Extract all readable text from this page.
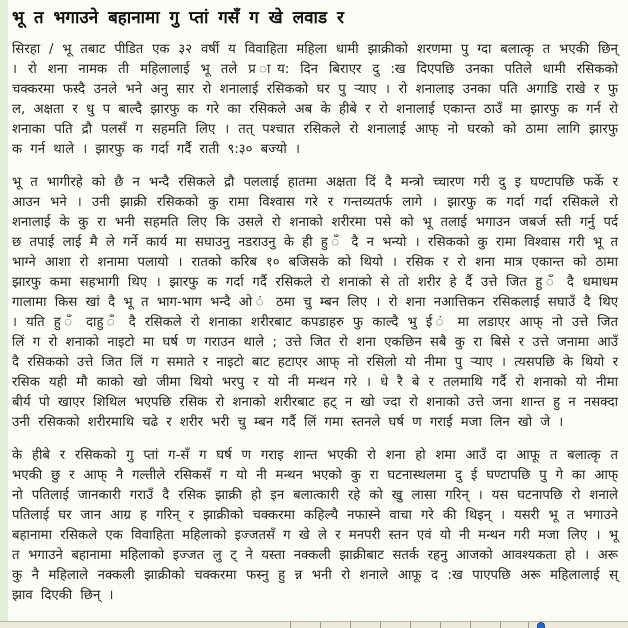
भू त भगाउने बहानामा गु प्तां गसँ ग खे लवाड र

सिरहा / भू तबाट पीडित एक ३२ वर्षी य विवाहिता महिला धामी झाक्रीको शरणमा पु ग्दा बलात्कृ त भएकी छिन् । रो शना नामक ती महिलालाई भू तले प्र ाय: दिन बिराएर दु :ख दिएपछि उनका पतिले धामी रसिकको चक्करमा फस्दै उनले भने अनु सार रो शनालाई रसिकको घर पु ऱ्याए । रो शनालाइ उनका पति अगाडि राखे र फु ल, अक्षता र धु प बाल्दै झारफु क गरे का रसिकले अब के हीबे र रो शनालाई एकान्त ठाउँ मा झारफु क गर्न रो शनाका पति द्रौ पलसँ ग सहमति लिए । तत् पश्चात रसिकले रो शनालाई आफ् नो घरको को ठामा लागि झारफु क गर्न थाले । झारफु क गर्दा गर्दै राती ९:३० बज्यो ।

भू त भागीरहे को छै न भन्दै रसिकले द्रौ पललाई हातमा अक्षता दिं दै मन्त्रो च्चारण गरी दु इ घण्टापछि फर्के र आउन भने । उनी झाक्री रसिकको कु रामा विश्वास गरे र गन्तव्यतर्फ लागे । झारफु क गर्दा गर्दा रसिकले रो शनालाई के कु रा भनी सहमति लिए कि उसले रो शनाको शरीरमा पसे को भू तलाई भगाउन जबर्ज स्ती गर्नु पर्द छ तपाई लाई मै ले गर्ने कार्य मा सघाउनु नडराउनु के ही हु ँ दै न भन्यो । रसिकको कु रामा विश्वास गरी भू त भाग्ने आशा रो शनामा पलायो । रातको करिब १० बजिसके को थियो । रसिक र रो शना मात्र एकान्त को ठामा झारफु कमा सहभागी थिए । झारफु क गर्दा गर्दै रसिकले रो शनाको से तो शरीर हे र्दै उत्ते जित हु ँ दै धमाधम गालामा किस खां दै भू त भाग-भाग भन्दै ओ ं ठमा चु म्बन लिए । रो शना नआत्तिकन रसिकलाई सघाउँ दै थिए । यति हु ँ दाहु ँ दै रसिकले रो शनाका शरीरबाट कपडाहरु फु काल्दै भु ई ं मा लडाएर आफ् नो उत्ते जित लिं ग रो शनाको नाइटो मा घर्ष ण गराउन थाले ; उत्ते जित रो शना एकछिन सबै कु रा बिसे र उत्ते जनामा आउँ दै रसिकको उत्ते जित लिं ग समाते र नाइटो बाट हटाएर आफ् नो रसिलो यो नीमा पु ऱ्याए । त्यसपछि के थियो र रसिक यही मौ काको खो जीमा थियो भरपु र यो नी मन्थन गरे । धे रै बे र तलमाथि गर्दै रो शनाको यो नीमा बीर्य पो खाएर शिथिल भएपछि रसिक रो शनाको शरीरबाट हट् न खो ज्दा रो शनाको उत्ते जना शान्त हु न नसक्दा उनी रसिकको शरीरमाथि चढे र शरीर भरी चु म्बन गर्दै लिं गमा स्तनले घर्ष ण गराई मजा लिन खो जे ।

के हीबे र रसिकको गु प्तां ग-सँ ग घर्ष ण गराइ शान्त भएकी रो शना हो शमा आउँ दा आफू त बलात्कृ त भएकी छु र आफ् नै गल्तीले रसिकसँ ग यो नी मन्थन भएको कु रा घटनास्थलमा दु ई घण्टापछि पु गे का आफ् नो पतिलाई जानकारी गराउँ दै रसिक झाक्री हो इन बलात्कारी रहे को खु लासा गरिन् । यस घटनापछि रो शनाले पतिलाई घर जान आग्र ह गरिन् र झाक्रीको चक्करमा कहिल्यै नफास्ने वाचा गरे की थिइन् । यसरी भू त भगाउने बहानामा रसिकले एक विवाहिता महिलाको इज्जतसँ ग खे ले र मनपरी स्तन एवं यो नी मन्थन गरी मजा लिए । भू त भगाउने बहानामा महिलाको इज्जत लु ट् ने यस्ता नक्कली झाक्रीबाट सतर्क रहनु आजको आवश्यकता हो । अरू कु नै महिलाले नक्कली झाक्रीको चक्करमा फस्नु हु न्न भनी रो शनाले आफू द :ख पाएपछि अरू महिलालाई स् झाव दिएकी छिन् ।
